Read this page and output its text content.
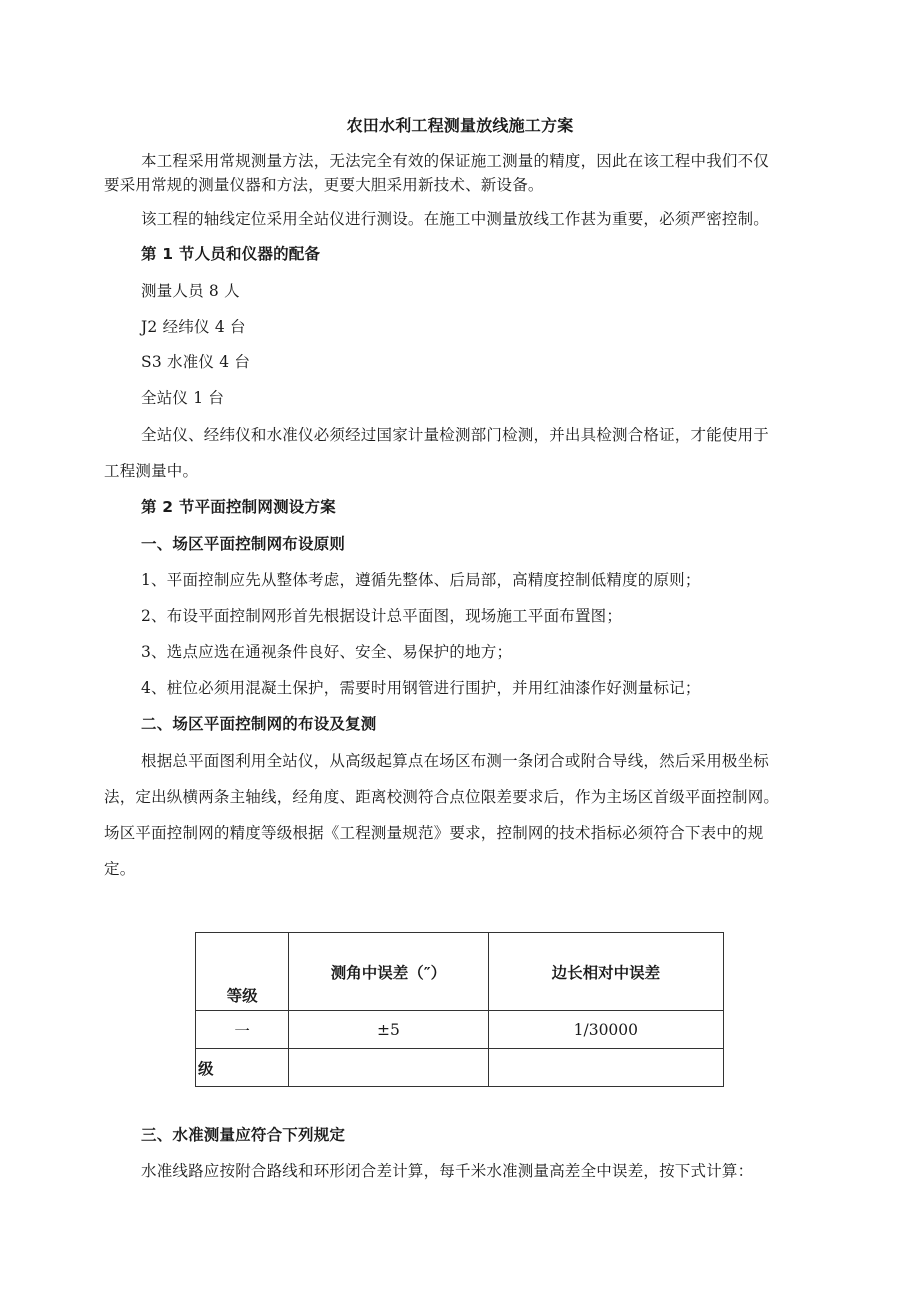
农田水利工程测量放线施工方案
本工程采用常规测量方法，无法完全有效的保证施工测量的精度，因此在该工程中我们不仅
要采用常规的测量仪器和方法，更要大胆采用新技术、新设备。
该工程的轴线定位采用全站仪进行测设。在施工中测量放线工作甚为重要，必须严密控制。
第 1 节人员和仪器的配备
测量人员 8 人
J2 经纬仪 4 台
S3 水准仪 4 台
全站仪 1 台
全站仪、经纬仪和水准仪必须经过国家计量检测部门检测，并出具检测合格证，才能使用于
工程测量中。
第 2 节平面控制网测设方案
一、场区平面控制网布设原则
1、平面控制应先从整体考虑，遵循先整体、后局部，高精度控制低精度的原则；
2、布设平面控制网形首先根据设计总平面图，现场施工平面布置图；
3、选点应选在通视条件良好、安全、易保护的地方；
4、桩位必须用混凝土保护，需要时用钢管进行围护，并用红油漆作好测量标记；
二、场区平面控制网的布设及复测
根据总平面图利用全站仪，从高级起算点在场区布测一条闭合或附合导线，然后采用极坐标
法，定出纵横两条主轴线，经角度、距离校测符合点位限差要求后，作为主场区首级平面控制网。
场区平面控制网的精度等级根据《工程测量规范》要求，控制网的技术指标必须符合下表中的规
定。
等级	测角中误差（″）	边长相对中误差
一	±5	1/30000
级		
三、水准测量应符合下列规定
水准线路应按附合路线和环形闭合差计算，每千米水准测量高差全中误差，按下式计算：
